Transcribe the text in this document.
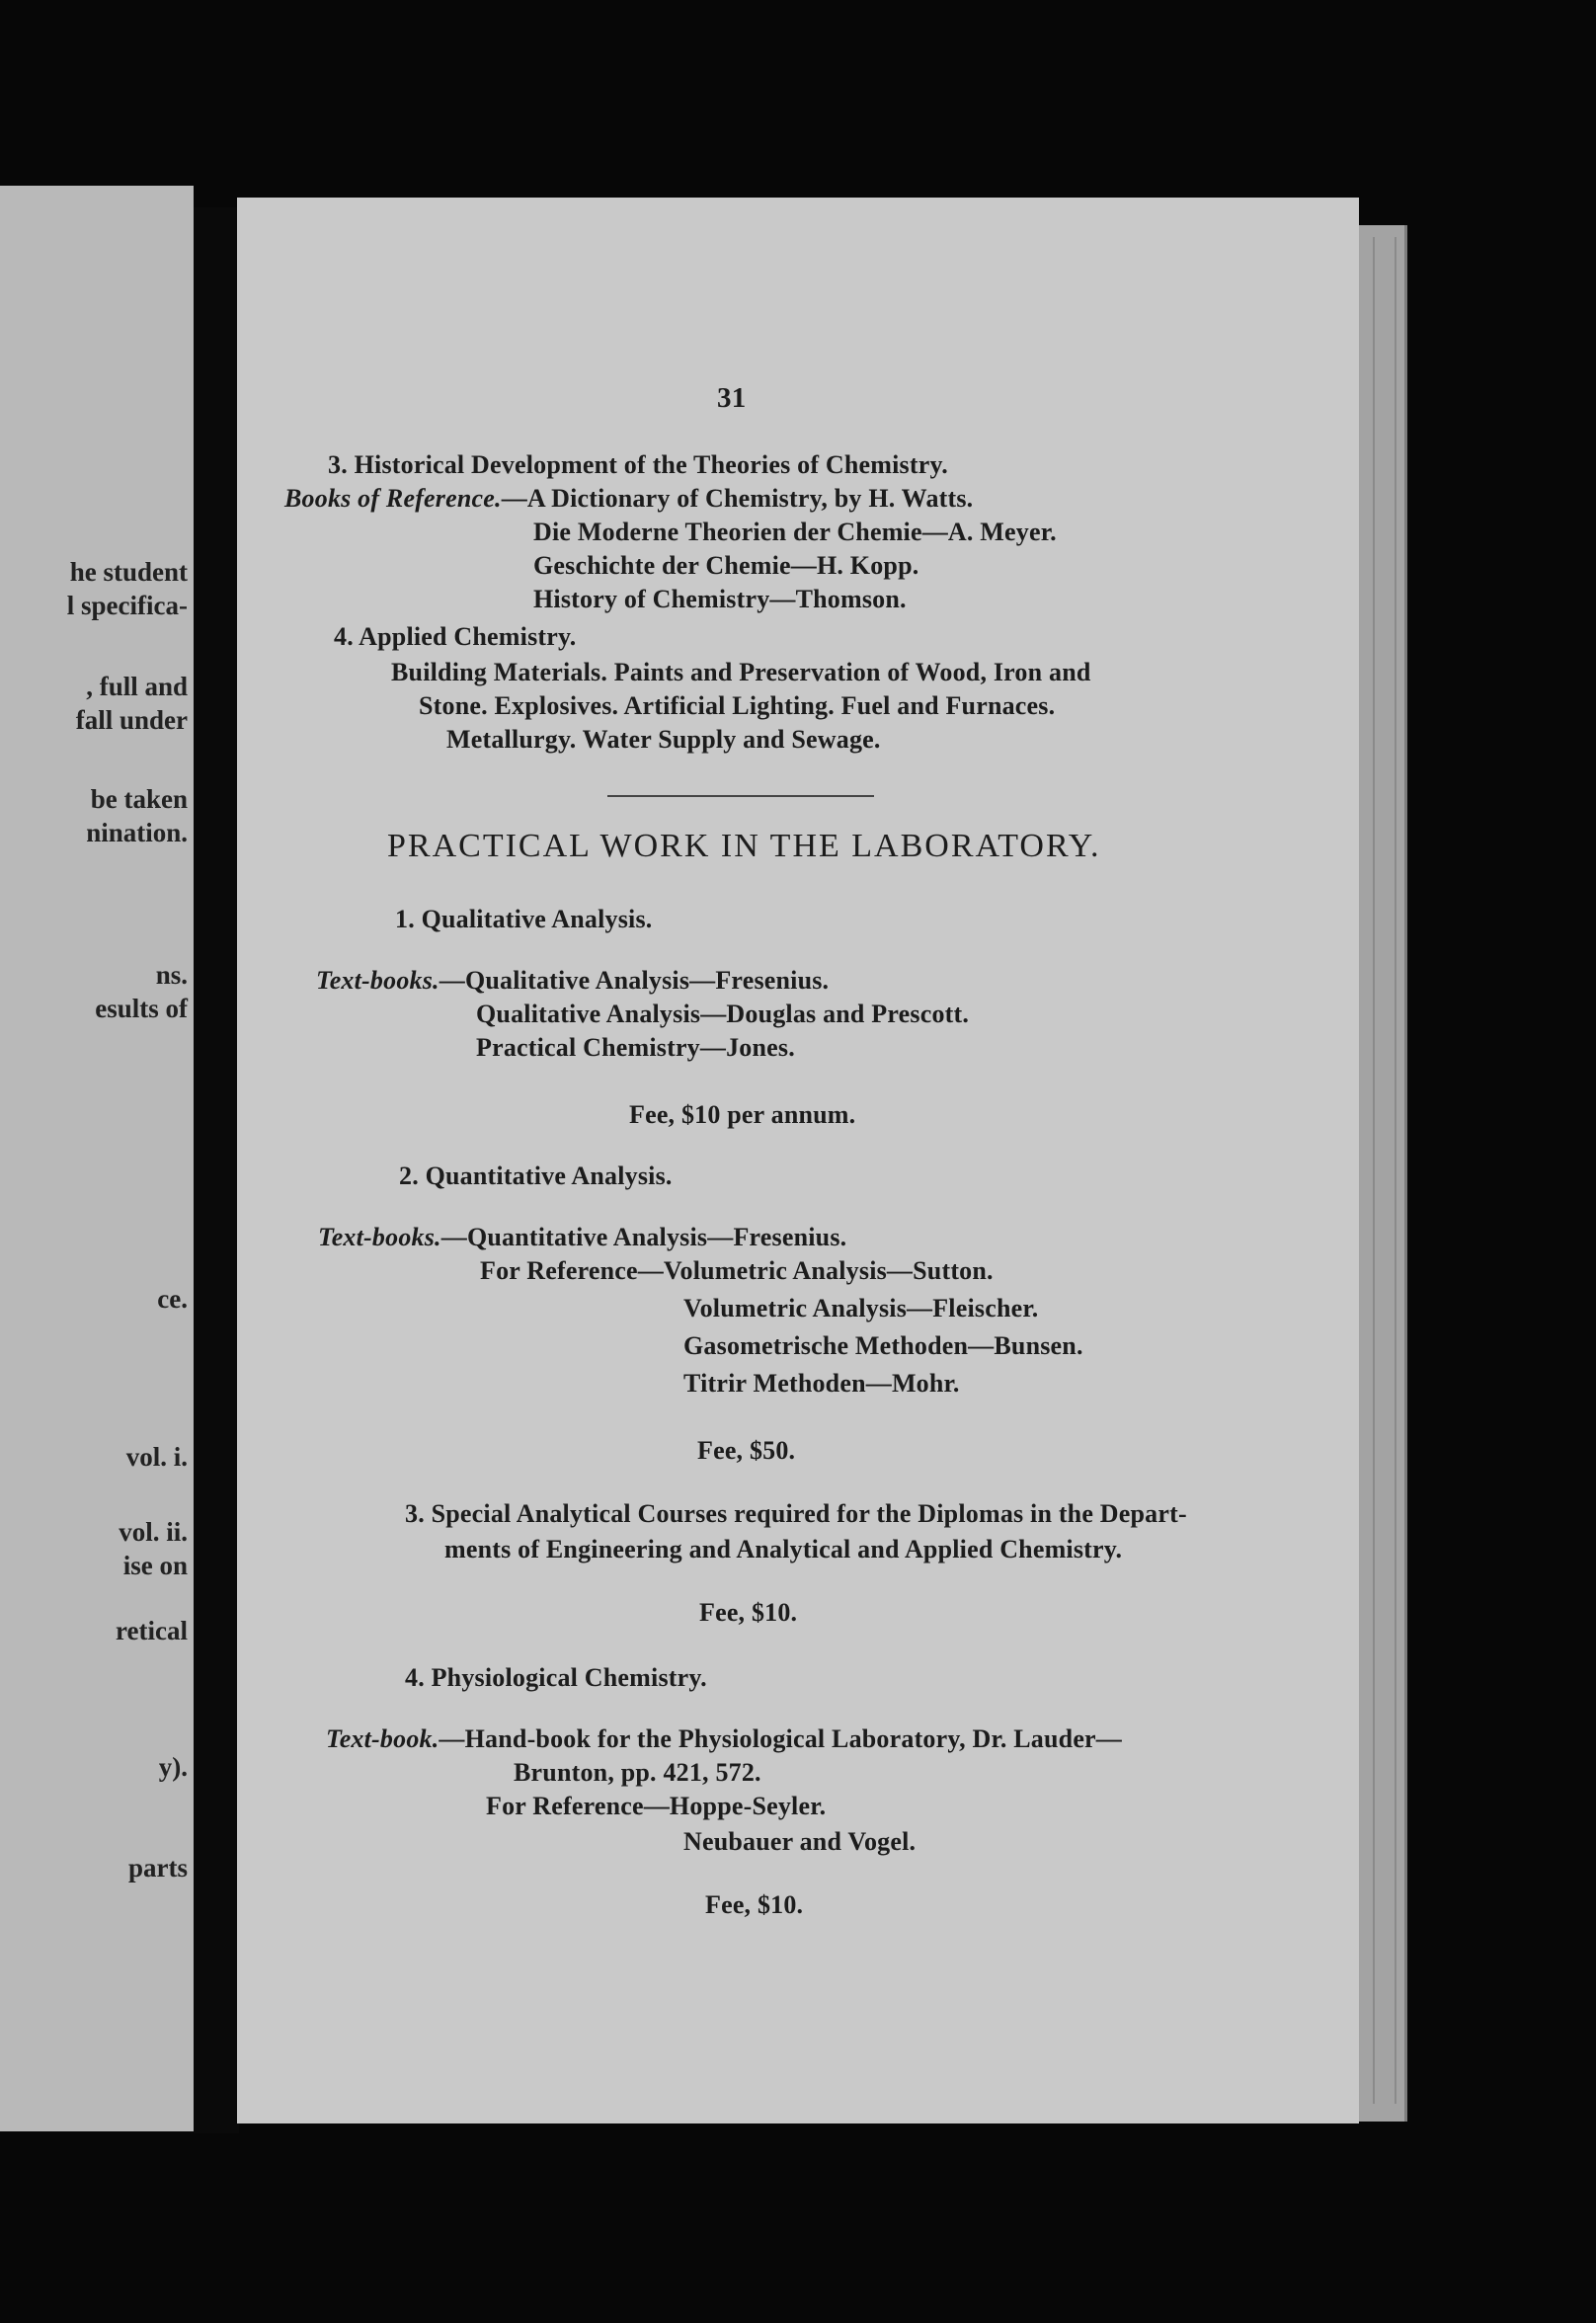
he student
l specifica-
, full and
fall under
be taken
nination.
ns.
esults of
ce.
vol. i.
vol. ii.
ise on
retical
y).
parts
31
3. Historical Development of the Theories of Chemistry.
Books of Reference.—A Dictionary of Chemistry, by H. Watts.
Die Moderne Theorien der Chemie—A. Meyer.
Geschichte der Chemie—H. Kopp.
History of Chemistry—Thomson.
4. Applied Chemistry.
Building Materials. Paints and Preservation of Wood, Iron and
Stone. Explosives. Artificial Lighting. Fuel and Furnaces.
Metallurgy. Water Supply and Sewage.
PRACTICAL WORK IN THE LABORATORY.
1. Qualitative Analysis.
Text-books.—Qualitative Analysis—Fresenius.
Qualitative Analysis—Douglas and Prescott.
Practical Chemistry—Jones.
Fee, $10 per annum.
2. Quantitative Analysis.
Text-books.—Quantitative Analysis—Fresenius.
For Reference—Volumetric Analysis—Sutton.
Volumetric Analysis—Fleischer.
Gasometrische Methoden—Bunsen.
Titrir Methoden—Mohr.
Fee, $50.
3. Special Analytical Courses required for the Diplomas in the Depart-
ments of Engineering and Analytical and Applied Chemistry.
Fee, $10.
4. Physiological Chemistry.
Text-book.—Hand-book for the Physiological Laboratory, Dr. Lauder—
Brunton, pp. 421, 572.
For Reference—Hoppe-Seyler.
Neubauer and Vogel.
Fee, $10.
